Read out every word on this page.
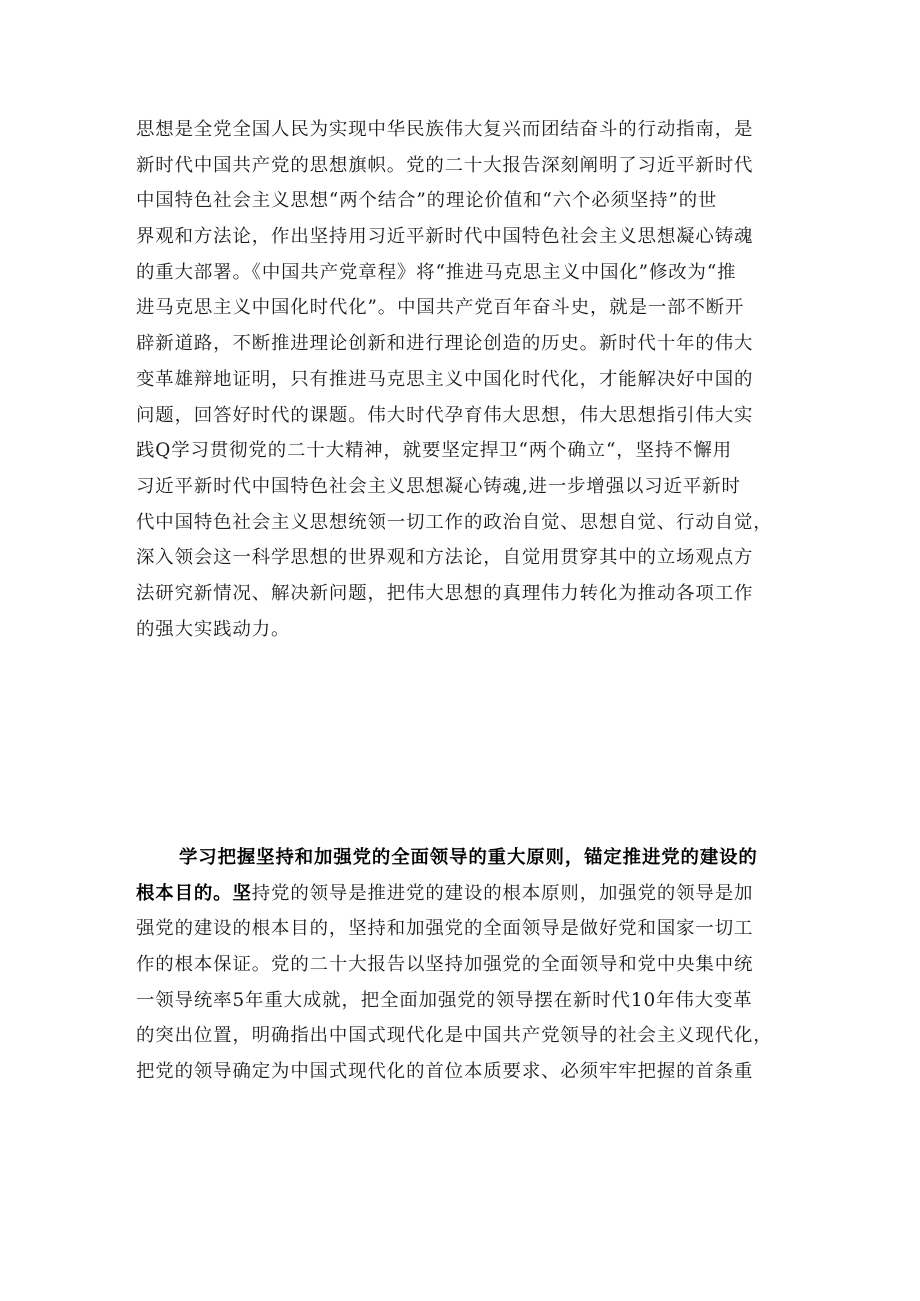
思想是全党全国人民为实现中华民族伟大复兴而团结奋斗的行动指南，是
新时代中国共产党的思想旗帜。党的二十大报告深刻阐明了习近平新时代
中国特色社会主义思想“两个结合”的理论价值和“六个必须坚持”的世
界观和方法论，作出坚持用习近平新时代中国特色社会主义思想凝心铸魂
的重大部署。《中国共产党章程》将“推进马克思主义中国化”修改为“推
进马克思主义中国化时代化”。中国共产党百年奋斗史，就是一部不断开
辟新道路，不断推进理论创新和进行理论创造的历史。新时代十年的伟大
变革雄辩地证明，只有推进马克思主义中国化时代化，才能解决好中国的
问题，回答好时代的课题。伟大时代孕育伟大思想，伟大思想指引伟大实
践Q学习贯彻党的二十大精神，就要坚定捍卫“两个确立“，坚持不懈用
习近平新时代中国特色社会主义思想凝心铸魂,进一步增强以习近平新时
代中国特色社会主义思想统领一切工作的政治自觉、思想自觉、行动自觉，
深入领会这一科学思想的世界观和方法论，自觉用贯穿其中的立场观点方
法研究新情况、解决新问题，把伟大思想的真理伟力转化为推动各项工作
的强大实践动力。

学习把握坚持和加强党的全面领导的重大原则，锚定推进党的建设的
根本目的。坚持党的领导是推进党的建设的根本原则，加强党的领导是加
强党的建设的根本目的，坚持和加强党的全面领导是做好党和国家一切工
作的根本保证。党的二十大报告以坚持加强党的全面领导和党中央集中统
一领导统率5年重大成就，把全面加强党的领导摆在新时代10年伟大变革
的突出位置，明确指出中国式现代化是中国共产党领导的社会主义现代化，
把党的领导确定为中国式现代化的首位本质要求、必须牢牢把握的首条重
